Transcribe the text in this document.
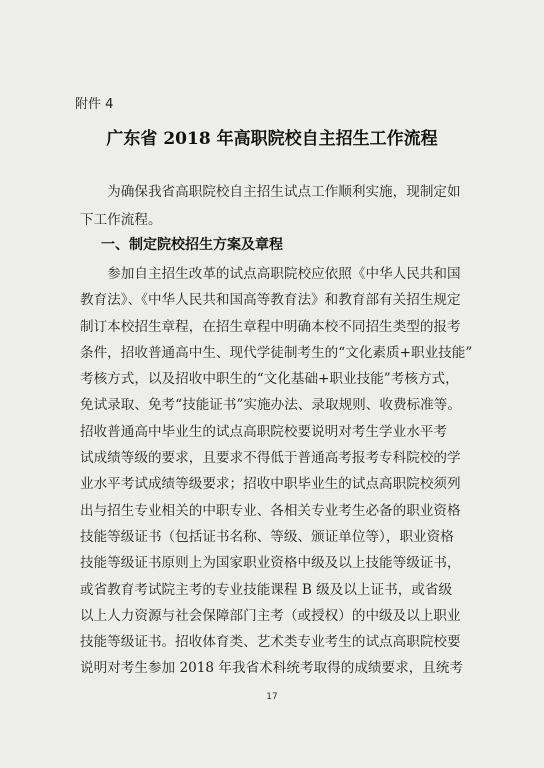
附件 4
广东省 2018 年高职院校自主招生工作流程

　　为确保我省高职院校自主招生试点工作顺利实施，现制定如
下工作流程。

一、制定院校招生方案及章程

　　参加自主招生改革的试点高职院校应依照《中华人民共和国
教育法》、《中华人民共和国高等教育法》和教育部有关招生规定
制订本校招生章程，在招生章程中明确本校不同招生类型的报考
条件，招收普通高中生、现代学徒制考生的“文化素质+职业技能”
考核方式，以及招收中职生的“文化基础+职业技能”考核方式，
免试录取、免考“技能证书”实施办法、录取规则、收费标准等。
招收普通高中毕业生的试点高职院校要说明对考生学业水平考
试成绩等级的要求，且要求不得低于普通高考报考专科院校的学
业水平考试成绩等级要求；招收中职毕业生的试点高职院校须列
出与招生专业相关的中职专业、各相关专业考生必备的职业资格
技能等级证书（包括证书名称、等级、颁证单位等），职业资格
技能等级证书原则上为国家职业资格中级及以上技能等级证书，
或省教育考试院主考的专业技能课程 B 级及以上证书，或省级
以上人力资源与社会保障部门主考（或授权）的中级及以上职业
技能等级证书。招收体育类、艺术类专业考生的试点高职院校要
说明对考生参加 2018 年我省术科统考取得的成绩要求，且统考

17
